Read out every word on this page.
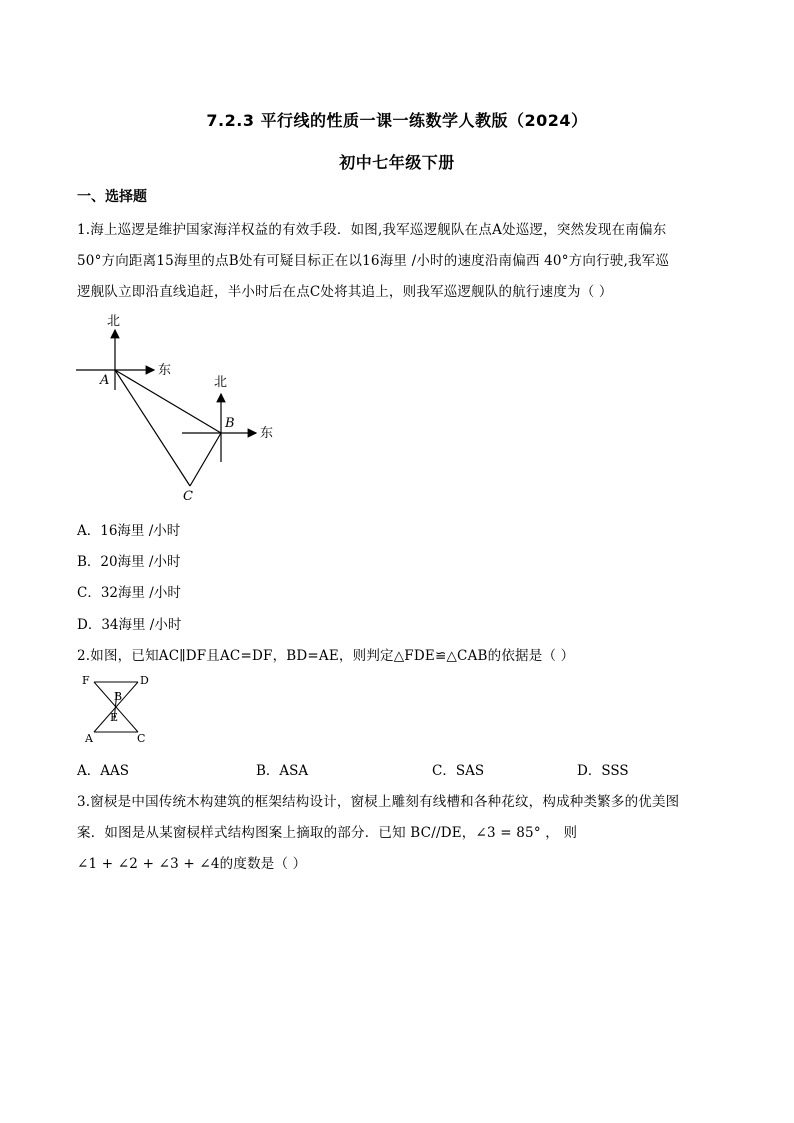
7.2.3 平行线的性质一课一练数学人教版（2024）
初中七年级下册
一、选择题
1.海上巡逻是维护国家海洋权益的有效手段．如图,我军巡逻舰队在点A处巡逻，突然发现在南偏东
50°方向距离15海里的点B处有可疑目标正在以16海里 /小时的速度沿南偏西 40°方向行驶,我军巡
逻舰队立即沿直线追赶，半小时后在点C处将其追上，则我军巡逻舰队的航行速度为（ ）
北
东
A	北
东
B
C
A．16海里 /小时
B．20海里 /小时
C．32海里 /小时
D．34海里 /小时
2.如图，已知AC∥DF且AC=DF，BD=AE，则判定△FDE≌△CAB的依据是（ ）
F	D
B
E
A	C
A．AAS	B．ASA	C．SAS	D．SSS
3.窗棂是中国传统木构建筑的框架结构设计，窗棂上雕刻有线槽和各种花纹，构成种类繁多的优美图
案．如图是从某窗棂样式结构图案上摘取的部分．已知 BC//DE，∠3 = 85° ， 则
∠1 + ∠2 + ∠3 + ∠4的度数是（ ）
